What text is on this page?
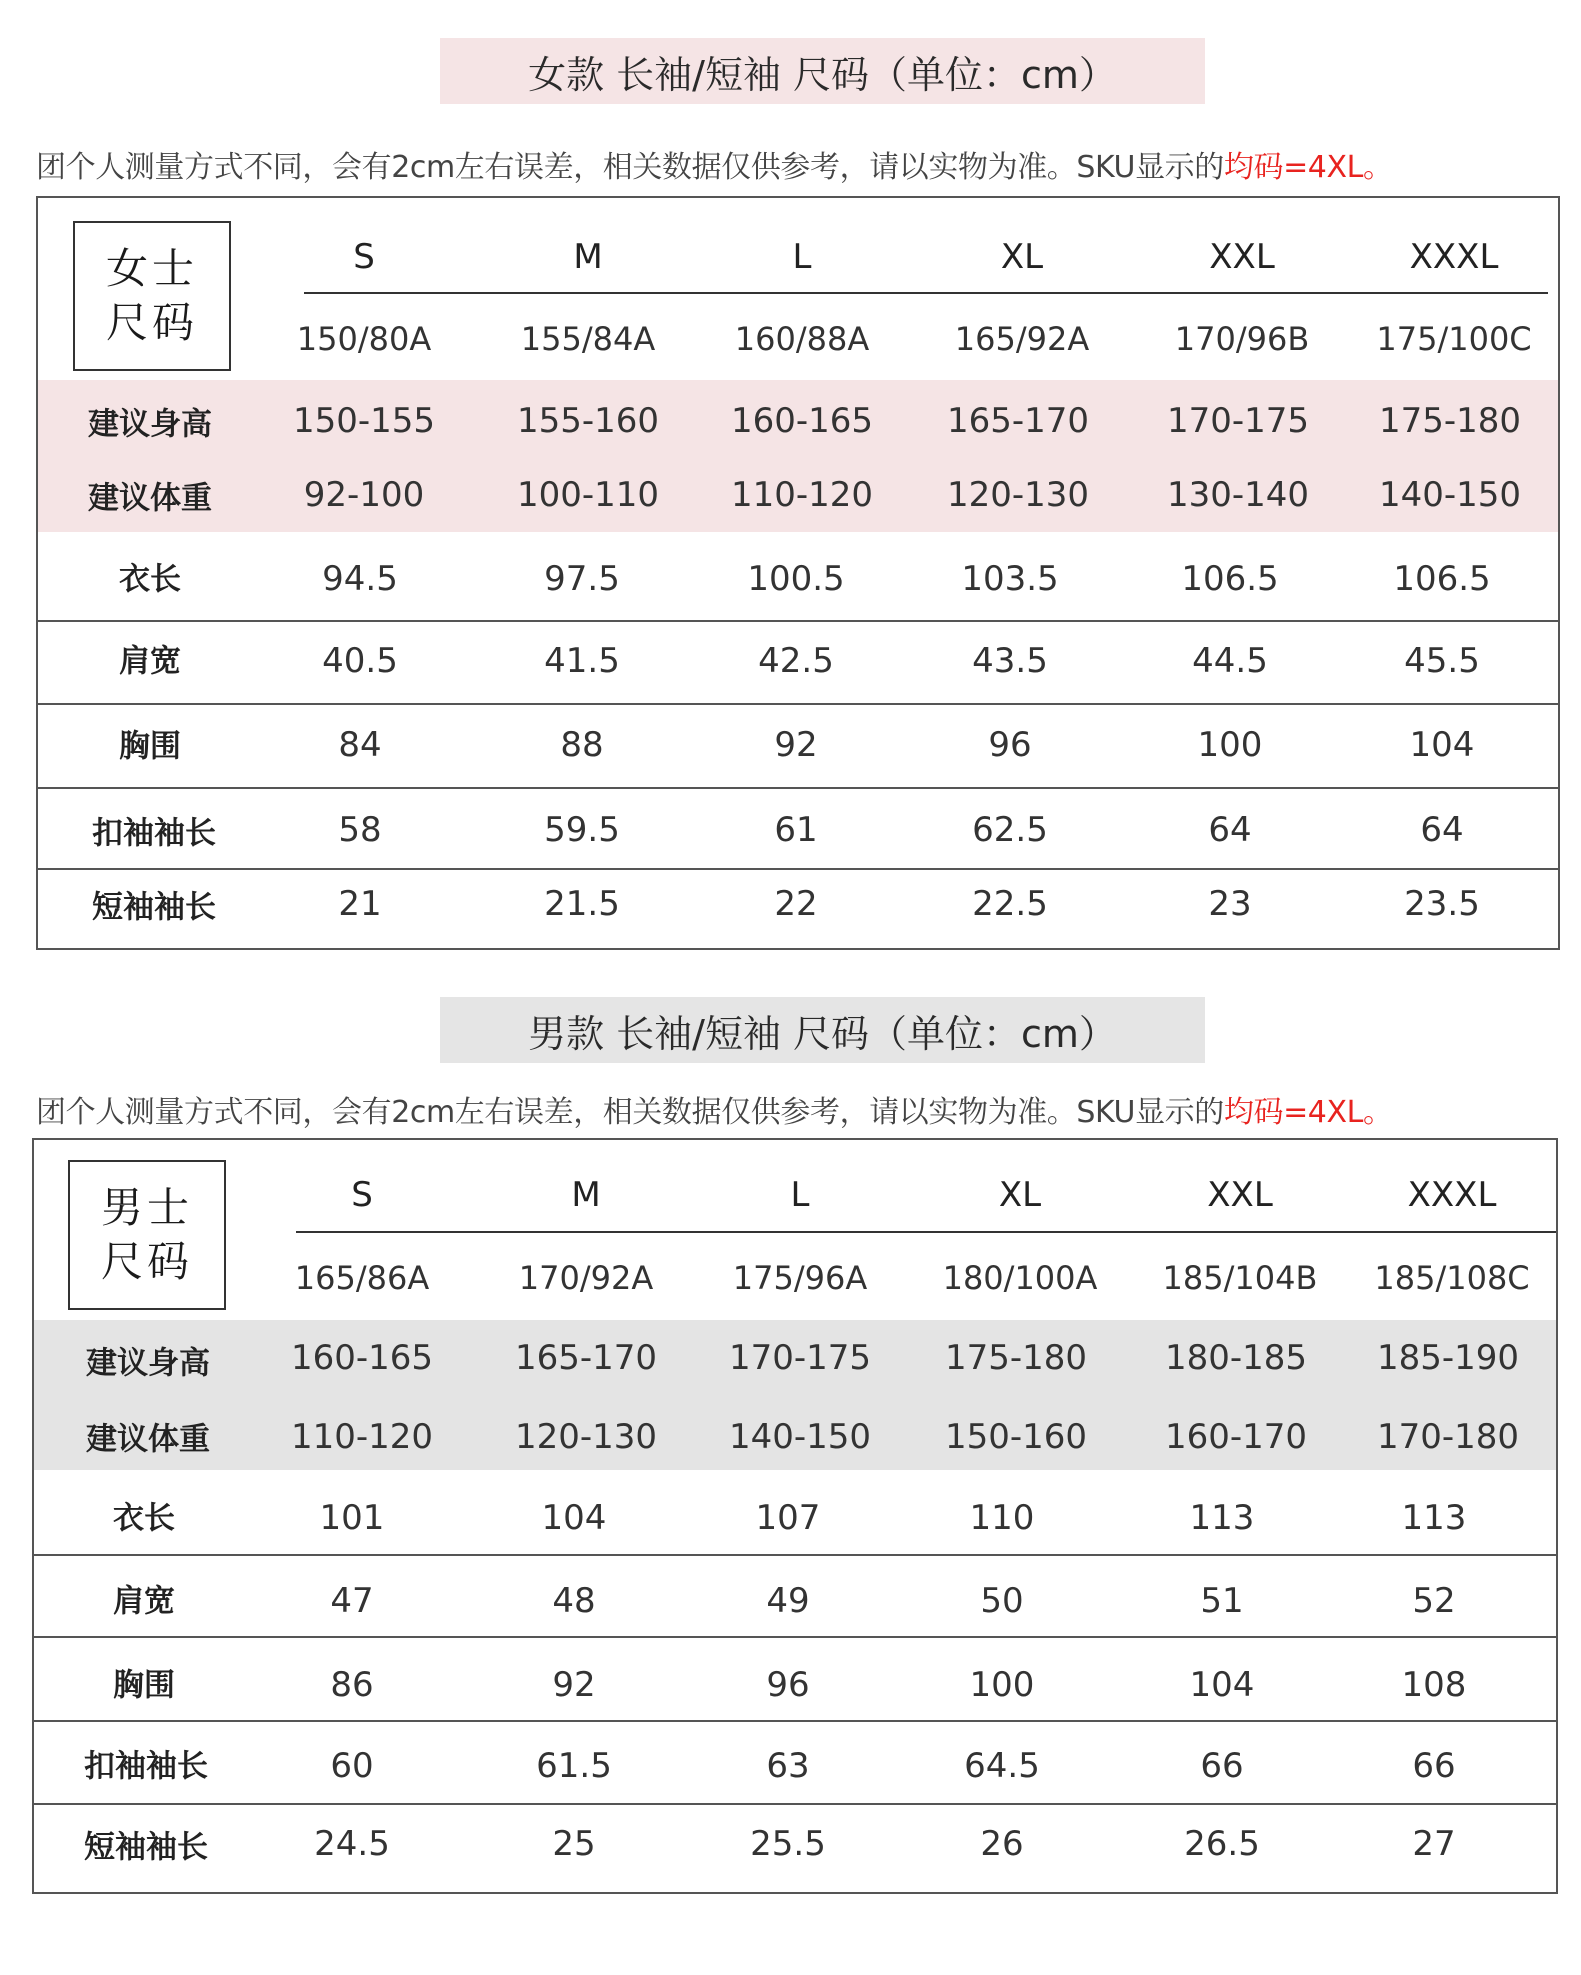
女款 长袖/短袖 尺码（单位：cm）
团个人测量方式不同，会有2cm左右误差，相关数据仅供参考，请以实物为准。SKU显示的均码=4XL。
女士
尺码
S	M	L	XL	XXL	XXXL
150/80A	155/84A 160/88A	165/92A	170/96B 175/100C
建议身高 150-155 155-160 160-165 165-170 170-175 175-180
建议体重	92-100	100-110 110-120 120-130 130-140 140-150
衣长	94.5	97.5	100.5	103.5	106.5	106.5
肩宽	40.5	41.5	42.5	43.5	44.5	45.5
胸围	84	88	92	96	100	104
扣袖袖长	58	59.5	61	62.5	64	64
短袖袖长	21	21.5	22	22.5	23	23.5
男款 长袖/短袖 尺码（单位：cm）
团个人测量方式不同，会有2cm左右误差，相关数据仅供参考，请以实物为准。SKU显示的均码=4XL。
男士
尺码
S	M	L	XL	XXL	XXXL
165/86A	170/92A 175/96A 180/100A 185/104B 185/108C
建议身高 160-165 165-170 170-175 175-180 180-185 185-190
建议体重 110-120 120-130 140-150 150-160 160-170 170-180
衣长	101	104	107	110	113	113
肩宽	47	48	49	50	51	52
胸围	86	92	96	100	104	108
扣袖袖长	60	61.5	63	64.5	66	66
短袖袖长	24.5	25	25.5	26	26.5	27
